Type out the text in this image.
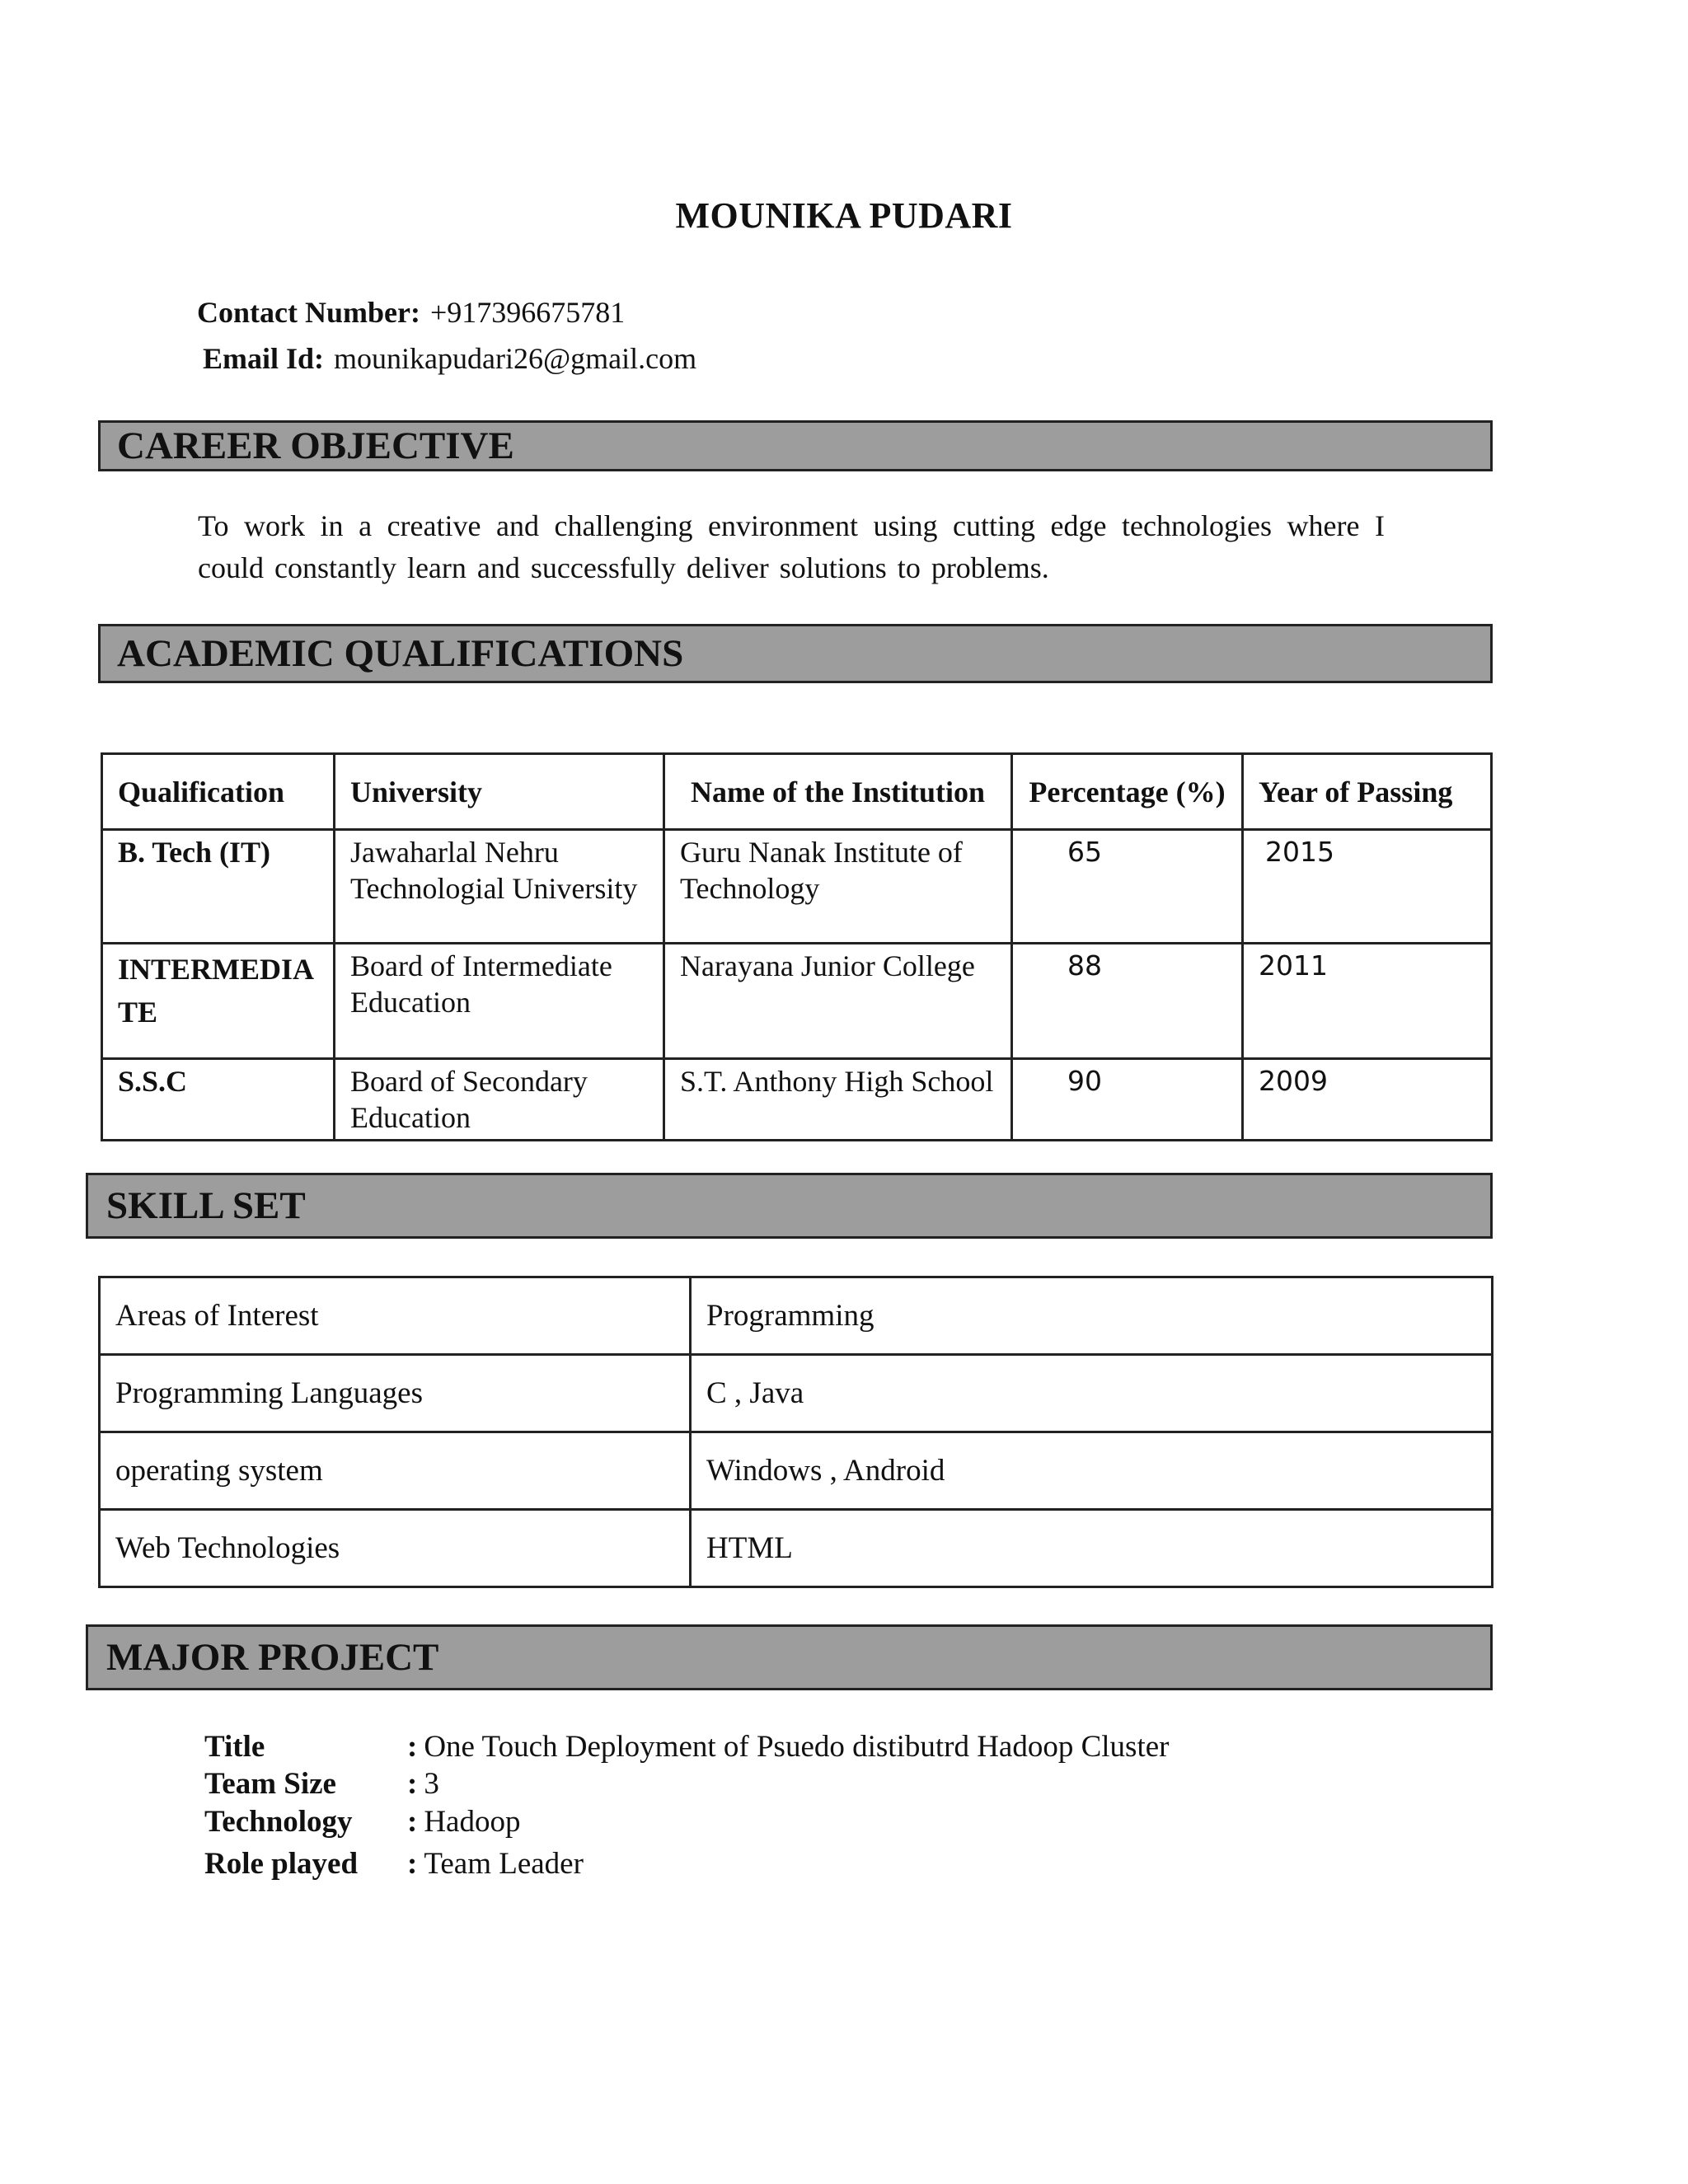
MOUNIKA PUDARI
Contact Number: +917396675781
Email Id: mounikapudari26@gmail.com
CAREER OBJECTIVE
To work in a creative and challenging environment using cutting edge technologies where I could constantly learn and successfully deliver solutions to problems.
ACADEMIC QUALIFICATIONS
Qualification	University	Name of the Institution	Percentage (%)	Year of Passing
B. Tech (IT)	Jawaharlal Nehru Technologial University	Guru Nanak Institute of Technology	65	2015
INTERMEDIATE	Board of Intermediate Education	Narayana Junior College	88	2011
S.S.C	Board of Secondary Education	S.T. Anthony High School	90	2009
SKILL SET
Areas of Interest	Programming
Programming Languages	C , Java
operating system	Windows , Android
Web Technologies	HTML
MAJOR PROJECT
Title	: One Touch Deployment of Psuedo distibutrd Hadoop Cluster
Team Size : 3
Technology : Hadoop
Role played : Team Leader
